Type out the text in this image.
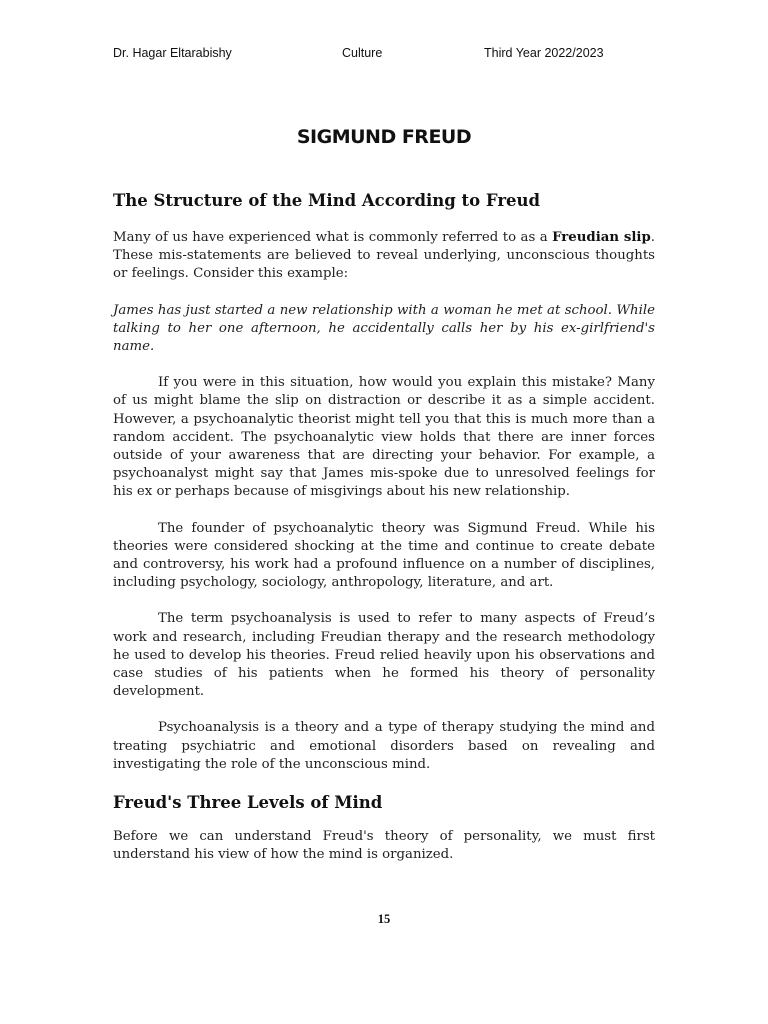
Dr. Hagar Eltarabishy	Culture	Third Year 2022/2023
SIGMUND FREUD
The Structure of the Mind According to Freud

Many of us have experienced what is commonly referred to as a Freudian slip. These mis-statements are believed to reveal underlying, unconscious thoughts or feelings. Consider this example:

James has just started a new relationship with a woman he met at school. While talking to her one afternoon, he accidentally calls her by his ex-girlfriend's name.

If you were in this situation, how would you explain this mistake? Many of us might blame the slip on distraction or describe it as a simple accident. However, a psychoanalytic theorist might tell you that this is much more than a random accident. The psychoanalytic view holds that there are inner forces outside of your awareness that are directing your behavior. For example, a psychoanalyst might say that James mis-spoke due to unresolved feelings for his ex or perhaps because of misgivings about his new relationship.

The founder of psychoanalytic theory was Sigmund Freud. While his theories were considered shocking at the time and continue to create debate and controversy, his work had a profound influence on a number of disciplines, including psychology, sociology, anthropology, literature, and art.

The term psychoanalysis is used to refer to many aspects of Freud’s work and research, including Freudian therapy and the research methodology he used to develop his theories. Freud relied heavily upon his observations and case studies of his patients when he formed his theory of personality development.

Psychoanalysis is a theory and a type of therapy studying the mind and treating psychiatric and emotional disorders based on revealing and investigating the role of the unconscious mind.

Freud's Three Levels of Mind

Before we can understand Freud's theory of personality, we must first understand his view of how the mind is organized.

15
